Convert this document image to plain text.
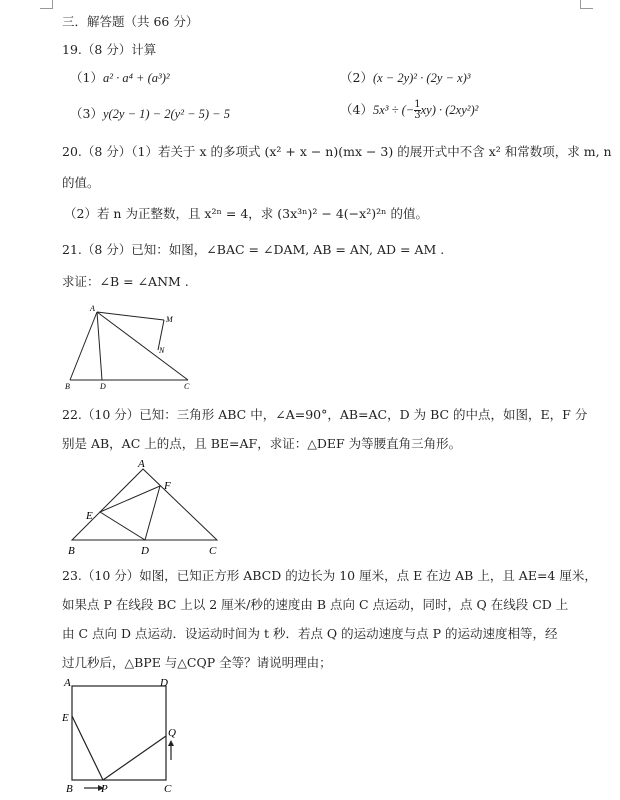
三．解答题（共 66 分）
19.（8 分）计算
（1）a² · a⁴ + (a³)²	（2）(x − 2y)² · (2y − x)³
（3）y(2y − 1) − 2(y² − 5) − 5	（4）5x³ ÷ (− $\frac{1}{3} xy) \cdot (2xy^2)^2$
20.（8 分）（1）若关于 x 的多项式 (x² + x − n)(mx − 3) 的展开式中不含 x² 和常数项，求 m, n
的值。
（2）若 n 为正整数，且 x²ⁿ = 4，求 (3x³ⁿ)² − 4(−x²)²ⁿ 的值。
21.（8 分）已知：如图，∠BAC = ∠DAM, AB = AN, AD = AM .
求证：∠B = ∠ANM .
A
M
N
B	D	C
22.（10 分）已知：三角形 ABC 中，∠A=90°，AB=AC，D 为 BC 的中点，如图，E，F 分
别是 AB，AC 上的点，且 BE=AF，求证：△DEF 为等腰直角三角形。
A
F
E
B	D	C
23.（10 分）如图，已知正方形 ABCD 的边长为 10 厘米，点 E 在边 AB 上，且 AE=4 厘米，
如果点 P 在线段 BC 上以 2 厘米/秒的速度由 B 点向 C 点运动，同时，点 Q 在线段 CD 上
由 C 点向 D 点运动．设运动时间为 t 秒．若点 Q 的运动速度与点 P 的运动速度相等，经
过几秒后，△BPE 与△CQP 全等？请说明理由；
A	D
E
Q
B	P	C
